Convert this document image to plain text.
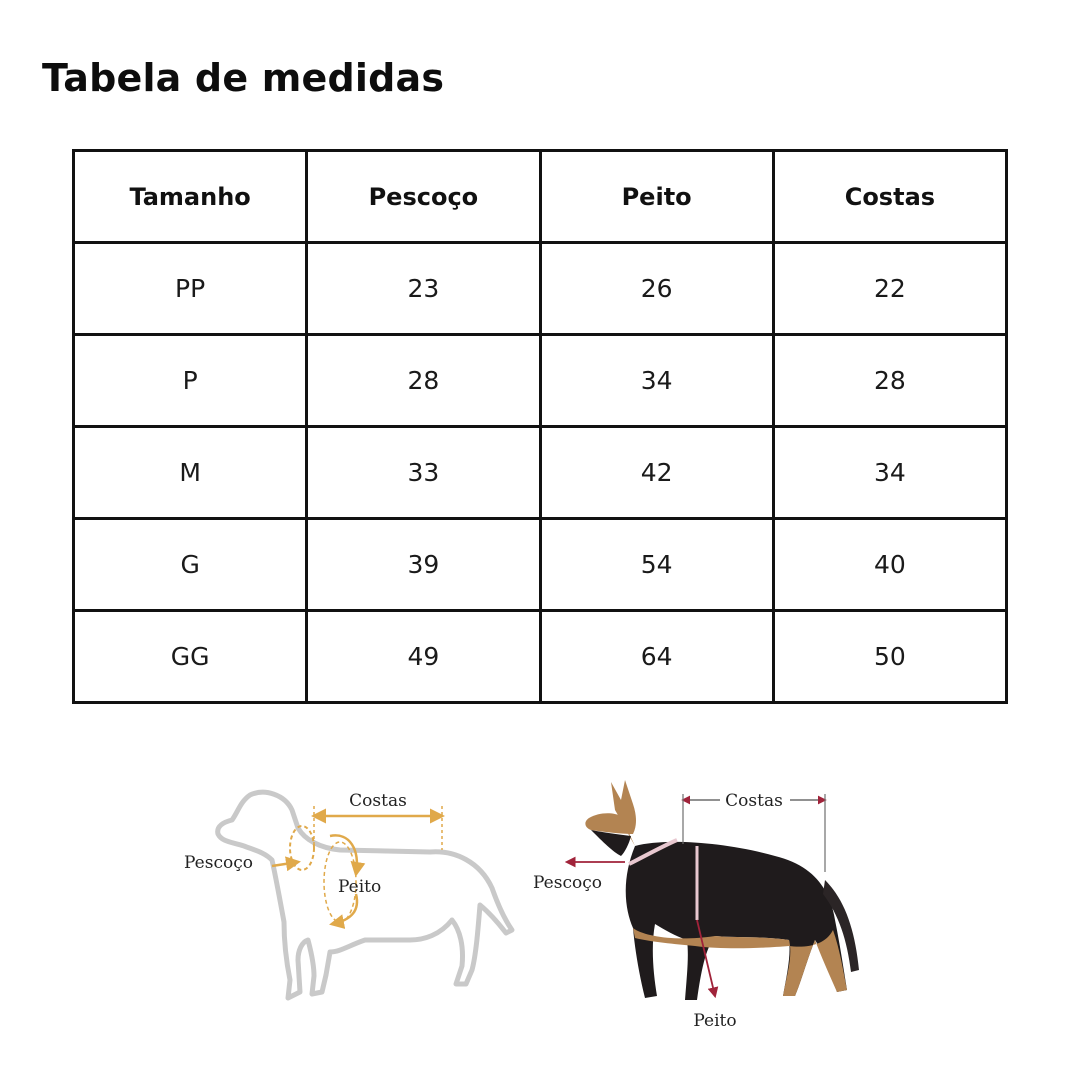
Tabela de medidas
Tamanho	Pescoço	Peito	Costas
PP	23	26	22
P	28	34	28
M	33	42	34
G	39	54	40
GG	49	64	50
Costas
Pescoço
Peito
Costas
Pescoço
Peito
